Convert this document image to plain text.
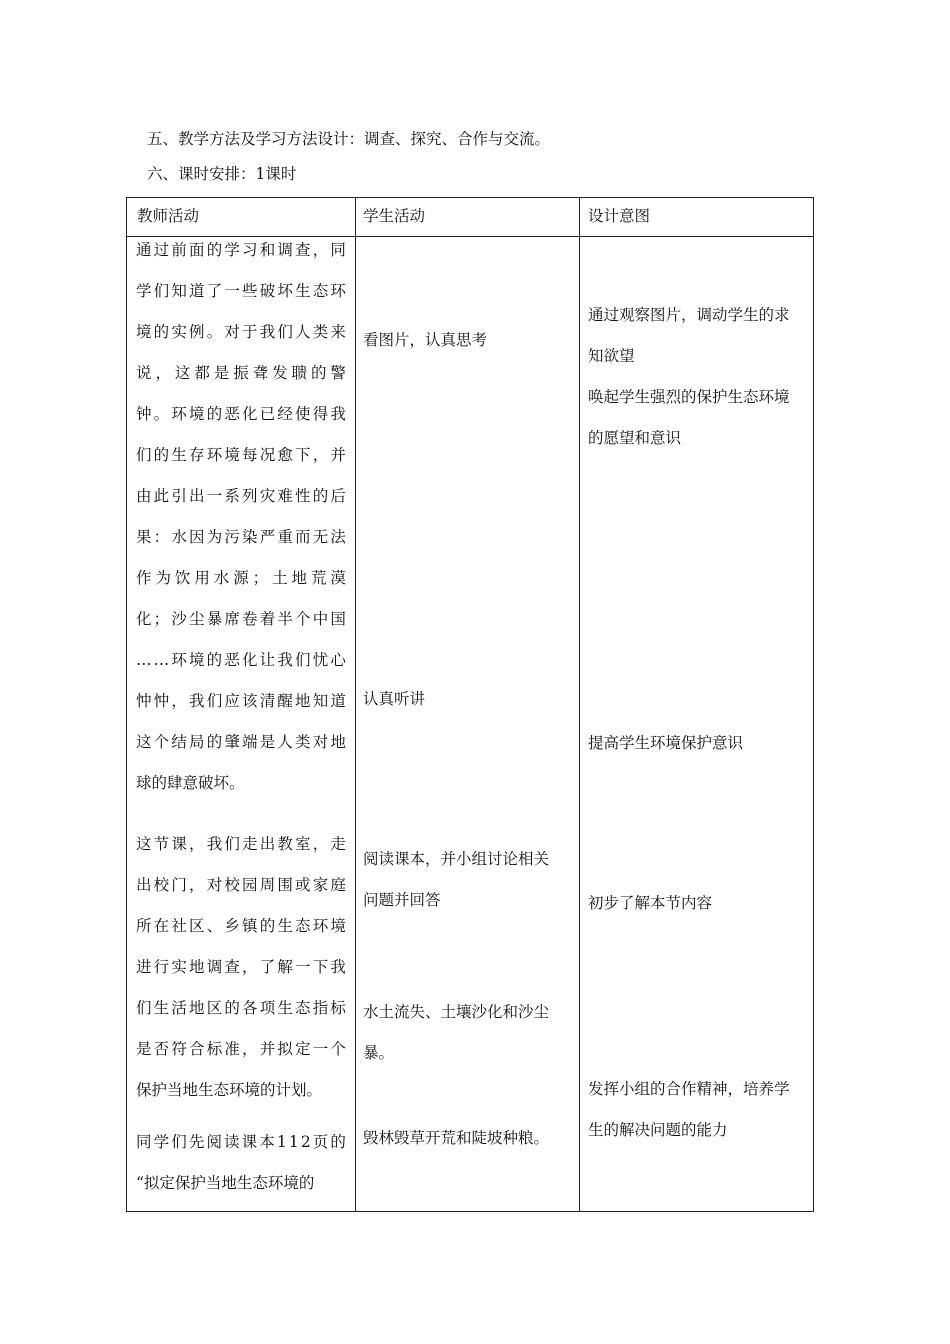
五、教学方法及学习方法设计：调查、探究、合作与交流。
六、课时安排：1课时
教师活动	学生活动	设计意图
通 过 前 面 的 学 习 和 调 查 ， 同
学 们 知 道 了 一 些 破 坏 生 态 环
境 的 实 例 。 对 于 我 们 人 类 来
说 ， 这 都 是 振 聋 发 聩 的 警
钟 。 环 境 的 恶 化 已 经 使 得 我
们 的 生 存 环 境 每 况 愈 下 ， 并
由 此 引 出 一 系 列 灾 难 性 的 后
果 ： 水 因 为 污 染 严 重 而 无 法
作 为 饮 用 水 源 ； 土 地 荒 漠
化 ； 沙 尘 暴 席 卷 着 半 个 中 国
… … 环 境 的 恶 化 让 我 们 忧 心
忡 忡 ， 我 们 应 该 清 醒 地 知 道
这 个 结 局 的 肇 端 是 人 类 对 地
球的肆意破坏。
这 节 课 ， 我 们 走 出 教 室 ， 走
出 校 门 ， 对 校 园 周 围 或 家 庭
所 在 社 区 、 乡 镇 的 生 态 环 境
进 行 实 地 调 查 ， 了 解 一 下 我
们 生 活 地 区 的 各 项 生 态 指 标
是 否 符 合 标 准 ， 并 拟 定 一 个
保护当地生态环境的计划。
同 学 们 先 阅 读 课 本 1 1 2 页 的
“拟定保护当地生态环境的
看图片，认真思考
认真听讲
阅读课本，并小组讨论相关
问题并回答
水土流失、土壤沙化和沙尘
暴。
毁林毁草开荒和陡坡种粮。
通过观察图片，调动学生的求
知欲望
唤起学生强烈的保护生态环境
的愿望和意识
提高学生环境保护意识
初步了解本节内容
发挥小组的合作精神，培养学
生的解决问题的能力
